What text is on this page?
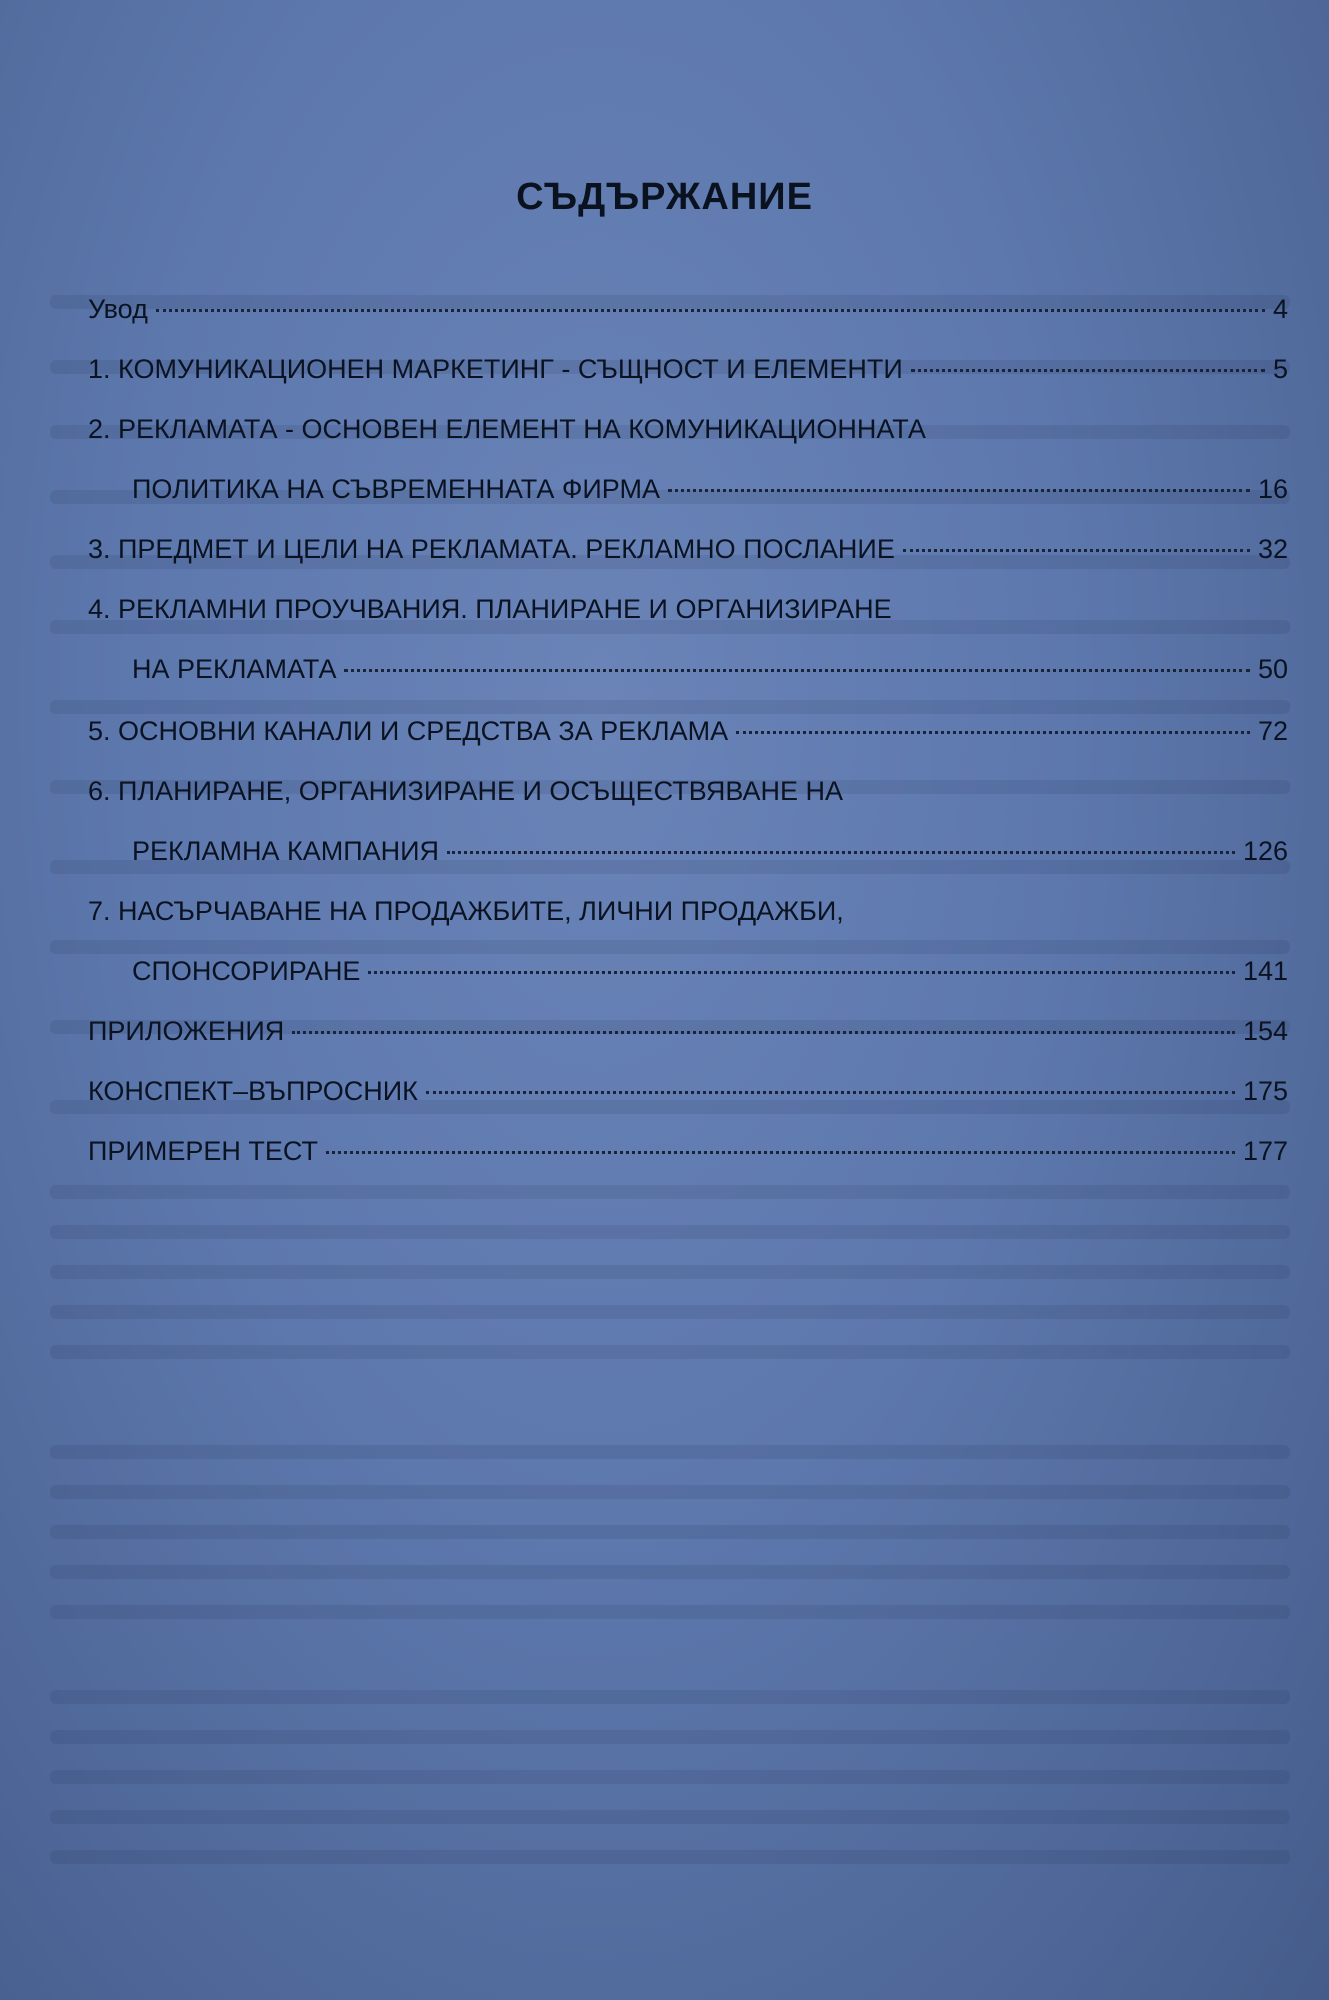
СЪДЪРЖАНИЕ
Увод	4
1. КОМУНИКАЦИОНЕН МАРКЕТИНГ - СЪЩНОСТ И ЕЛЕМЕНТИ	5
2. РЕКЛАМАТА - ОСНОВЕН ЕЛЕМЕНТ НА КОМУНИКАЦИОННАТА
ПОЛИТИКА НА СЪВРЕМЕННАТА ФИРМА	16
3. ПРЕДМЕТ И ЦЕЛИ НА РЕКЛАМАТА. РЕКЛАМНО ПОСЛАНИЕ	32
4. РЕКЛАМНИ ПРОУЧВАНИЯ. ПЛАНИРАНЕ И ОРГАНИЗИРАНЕ
НА РЕКЛАМАТА	50
5. ОСНОВНИ КАНАЛИ И СРЕДСТВА ЗА РЕКЛАМА	72
6. ПЛАНИРАНЕ, ОРГАНИЗИРАНЕ И ОСЪЩЕСТВЯВАНЕ НА
РЕКЛАМНА КАМПАНИЯ	126
7. НАСЪРЧАВАНЕ НА ПРОДАЖБИТЕ, ЛИЧНИ ПРОДАЖБИ,
СПОНСОРИРАНЕ	141
ПРИЛОЖЕНИЯ	154
КОНСПЕКТ–ВЪПРОСНИК	175
ПРИМЕРЕН ТЕСТ	177
